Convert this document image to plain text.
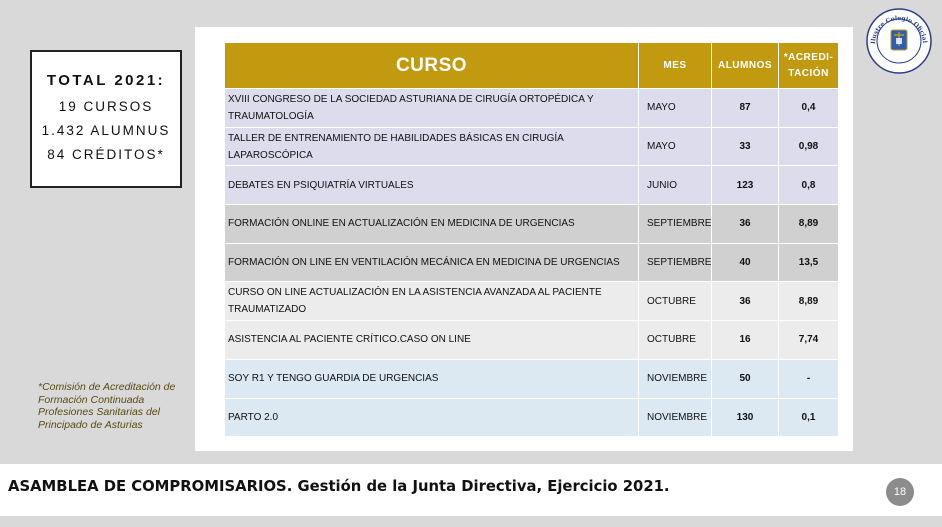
TOTAL 2021:
19 CURSOS
1.432 ALUMNUS
84 CRÉDITOS*
*Comisión de Acreditación de Formación Continuada Profesiones Sanitarias del Principado de Asturias
Ilustre Colegio Oficial
CURSO	MES	ALUMNOS	*ACREDI-
TACIÓN
XVIII CONGRESO DE LA SOCIEDAD ASTURIANA DE CIRUGÍA ORTOPÉDICA Y TRAUMATOLOGÍA	MAYO	87	0,4
TALLER DE ENTRENAMIENTO DE HABILIDADES BÁSICAS EN CIRUGÍA LAPAROSCÓPICA	MAYO	33	0,98
DEBATES EN PSIQUIATRÍA VIRTUALES	JUNIO	123	0,8
FORMACIÓN ONLINE EN ACTUALIZACIÓN EN MEDICINA DE URGENCIAS	SEPTIEMBRE	36	8,89
FORMACIÓN ON LINE EN VENTILACIÓN MECÁNICA EN MEDICINA DE URGENCIAS	SEPTIEMBRE	40	13,5
CURSO ON LINE ACTUALIZACIÓN EN LA ASISTENCIA AVANZADA AL PACIENTE TRAUMATIZADO	OCTUBRE	36	8,89
ASISTENCIA AL PACIENTE CRÍTICO.CASO ON LINE	OCTUBRE	16	7,74
SOY R1 Y TENGO GUARDIA DE URGENCIAS	NOVIEMBRE	50	-
PARTO 2.0	NOVIEMBRE	130	0,1
ASAMBLEA DE COMPROMISARIOS. Gestión de la Junta Directiva, Ejercicio 2021.	18
